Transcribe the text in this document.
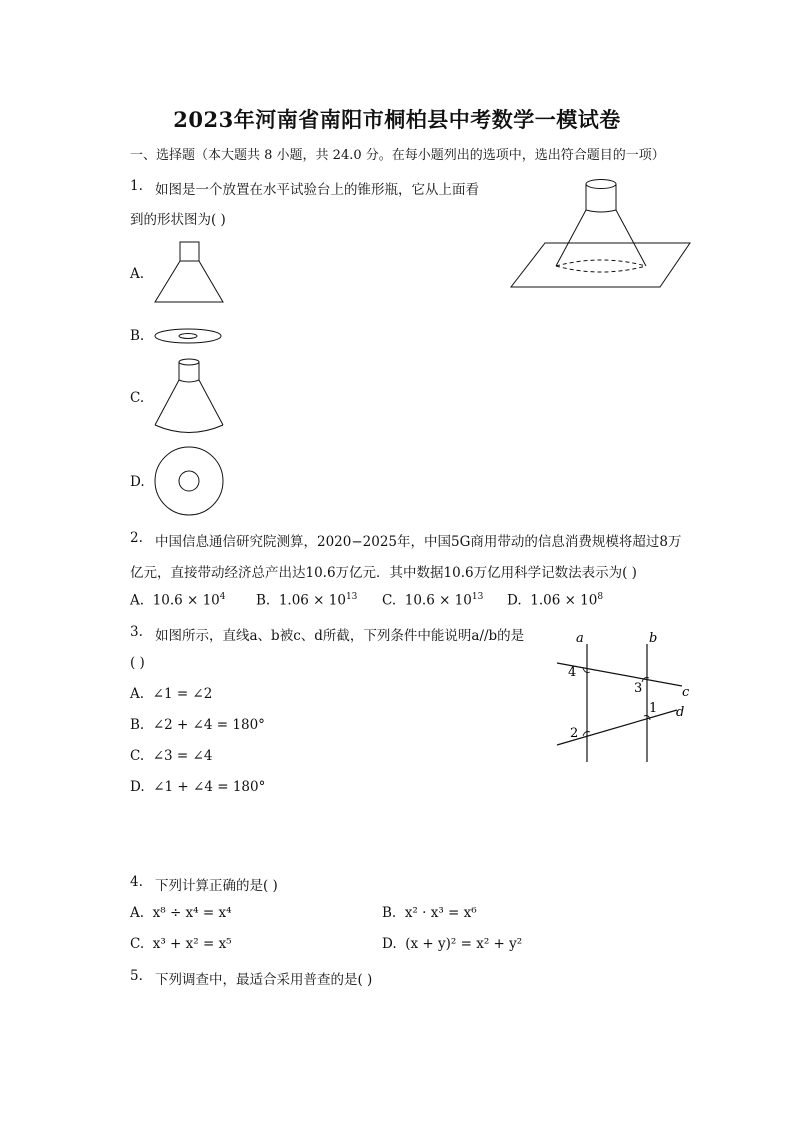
2023年河南省南阳市桐柏县中考数学一模试卷
一、选择题（本大题共 8 小题，共 24.0 分。在每小题列出的选项中，选出符合题目的一项）
1. 如图是一个放置在水平试验台上的锥形瓶，它从上面看
到的形状图为( )
A.
B.
C.
D.
2. 中国信息通信研究院测算，2020−2025年，中国5G商用带动的信息消费规模将超过8万
亿元，直接带动经济总产出达10.6万亿元．其中数据10.6万亿用科学记数法表示为( )
A. $10.6 \times 10^4$ B. $1.06 \times 10^{13}$ C. $10.6 \times 10^{13}$ D. $1.06 \times 10^8$
3. 如图所示，直线a、b被c、d所截，下列条件中能说明a//b的是
( )
A. ∠1 = ∠2
B. ∠2 + ∠4 = 180°
C. ∠3 = ∠4
D. ∠1 + ∠4 = 180°
a	b
c
d
1
2
3
4
4. 下列计算正确的是( )
A. x⁸ ÷ x⁴ = x⁴	B. x² · x³ = x⁶
C. x³ + x² = x⁵	D. (x + y)² = x² + y²
5. 下列调查中，最适合采用普查的是( )
